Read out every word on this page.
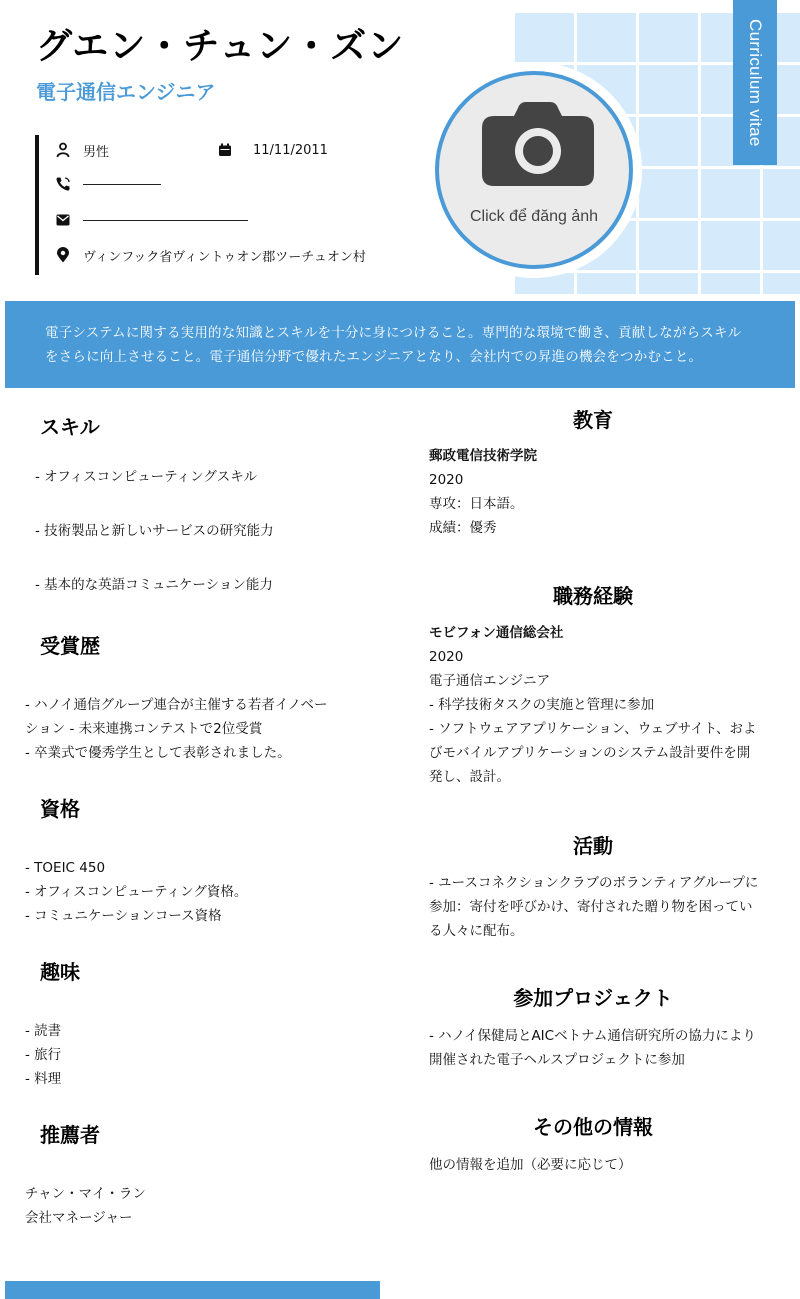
Curriculum vitae
グエン・チュン・ズン
電子通信エンジニア
男性	11/11/2011
ヴィンフック省ヴィントゥオン郡ツーチュオン村
Click để đăng ảnh
電子システムに関する実用的な知識とスキルを十分に身につけること。専門的な環境で働き、貢献しながらスキル
をさらに向上させること。電子通信分野で優れたエンジニアとなり、会社内での昇進の機会をつかむこと。
スキル
- オフィスコンピューティングスキル
- 技術製品と新しいサービスの研究能力
- 基本的な英語コミュニケーション能力
受賞歴
- ハノイ通信グループ連合が主催する若者イノベー
ション - 未来連携コンテストで2位受賞
- 卒業式で優秀学生として表彰されました。
資格
- TOEIC 450
- オフィスコンピューティング資格。
- コミュニケーションコース資格
趣味
- 読書
- 旅行
- 料理
推薦者
チャン・マイ・ラン
会社マネージャー
教育
郵政電信技術学院
2020
専攻：日本語。
成績：優秀
職務経験
モビフォン通信総会社
2020
電子通信エンジニア
- 科学技術タスクの実施と管理に参加
- ソフトウェアアプリケーション、ウェブサイト、およ
びモバイルアプリケーションのシステム設計要件を開
発し、設計。
活動
- ユースコネクションクラブのボランティアグループに
参加：寄付を呼びかけ、寄付された贈り物を困ってい
る人々に配布。
参加プロジェクト
- ハノイ保健局とAICベトナム通信研究所の協力により
開催された電子ヘルスプロジェクトに参加
その他の情報
他の情報を追加（必要に応じて）
